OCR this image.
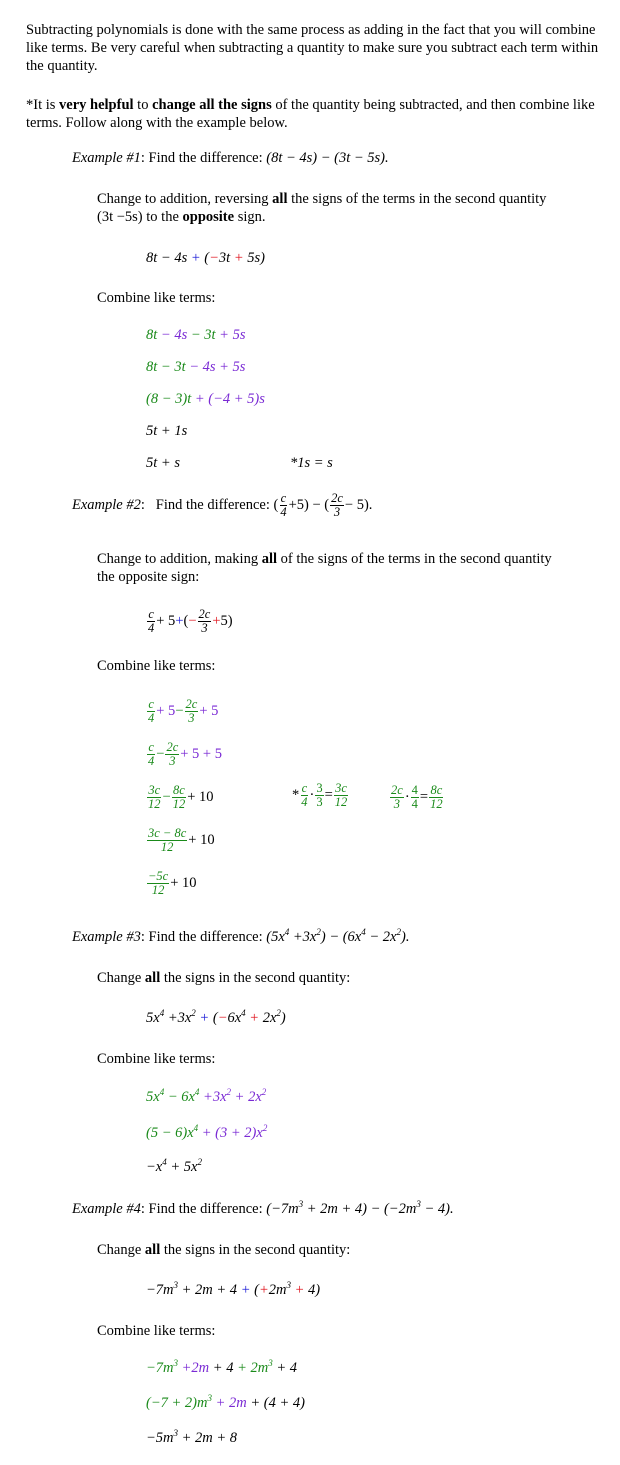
Subtracting polynomials is done with the same process as adding in the fact that you will combine like terms. Be very careful when subtracting a quantity to make sure you subtract each term within the quantity.
*It is very helpful to change all the signs of the quantity being subtracted, and then combine like terms. Follow along with the example below.
Example #1: Find the difference: (8t − 4s) − (3t − 5s).
Change to addition, reversing all the signs of the terms in the second quantity
(3t −5s) to the opposite sign.
8t − 4s + (−3t + 5s)
Combine like terms:
8t − 4s − 3t + 5s
8t − 3t − 4s + 5s
(8 − 3)t + (−4 + 5)s
5t + 1s
5t + s	*1s = s
Example #2 :   Find the difference: ( c
4 +5) − ( 2c
3 − 5).
Change to addition, making all of the signs of the terms in the second quantity
the opposite sign:
c
4 + 5 + ( − $\frac{2c}{3} + 5$)
Combine like terms:
c
$4 + 5 - \frac{2c}{3} + 5$
c
$4 - \frac{2c}{3} + 5 + 5$
3c
$12 - \frac{8c}{12} + 10$	* c
$4 \cdot \frac{3}{3} = \frac{3c}{12}$	2c
$3 \cdot \frac{4}{4} = \frac{8c}{12}$
3c − 8c
12 + 10
−5c
12 + 10
Example #3: Find the difference: $(5x^4 +3x^2) - (6x^4 - 2x^2)$.
Change all the signs in the second quantity:
$5x^4 +3x^2 + (-6x^4 + 2x^2)$
Combine like terms:
$5x^4 - 6x^4 +3x^2 + 2x^2$
$(5 - 6)x^4 + (3 + 2)x^2$
$-x^4 + 5x^2$
Example #4: Find the difference: $(-7m^3 + 2m + 4) - (-2m^3 - 4)$.
Change all the signs in the second quantity:
$-7m^3 + 2m + 4 + (+2m^3 + 4)$
Combine like terms:
$-7m^3 +2m + 4 + 2m^3 + 4$
$(-7 + 2)m^3 + 2m + (4 + 4)$
$-5m^3 + 2m + 8$
